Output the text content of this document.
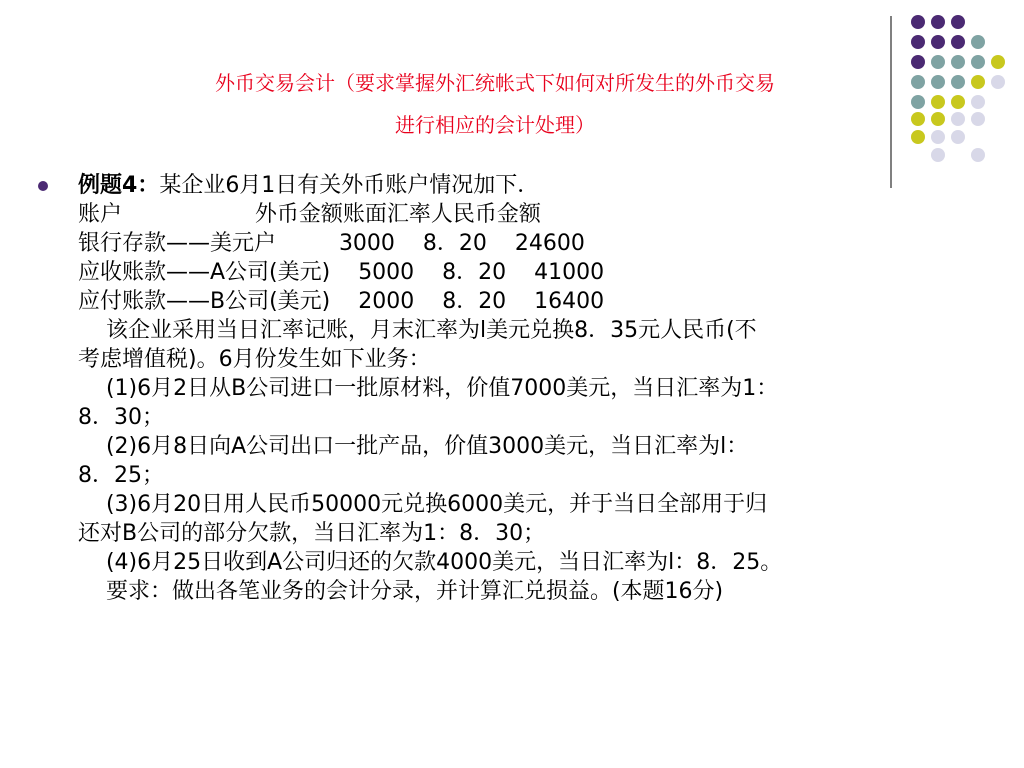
外币交易会计（要求掌握外汇统帐式下如何对所发生的外币交易
进行相应的会计处理）
例题4：某企业6月1日有关外币账户情况加下．
账户                   外币金额账面汇率人民币金额
银行存款——美元户         3000    8．20    24600
应收账款——A公司(美元)    5000    8．20    41000
应付账款——B公司(美元)    2000    8．20    16400
该企业采用当日汇率记账，月末汇率为l美元兑换8．35元人民币(不
考虑增值税)。6月份发生如下业务：
(1)6月2日从B公司进口一批原材料，价值7000美元，当日汇率为1：
8．30；
(2)6月8日向A公司出口一批产品，价值3000美元，当日汇率为l：
8．25；
(3)6月20日用人民币50000元兑换6000美元，并于当日全部用于归
还对B公司的部分欠款，当日汇率为1：8．30；
(4)6月25日收到A公司归还的欠款4000美元，当日汇率为l：8．25。
要求：做出各笔业务的会计分录，并计算汇兑损益。(本题16分)
